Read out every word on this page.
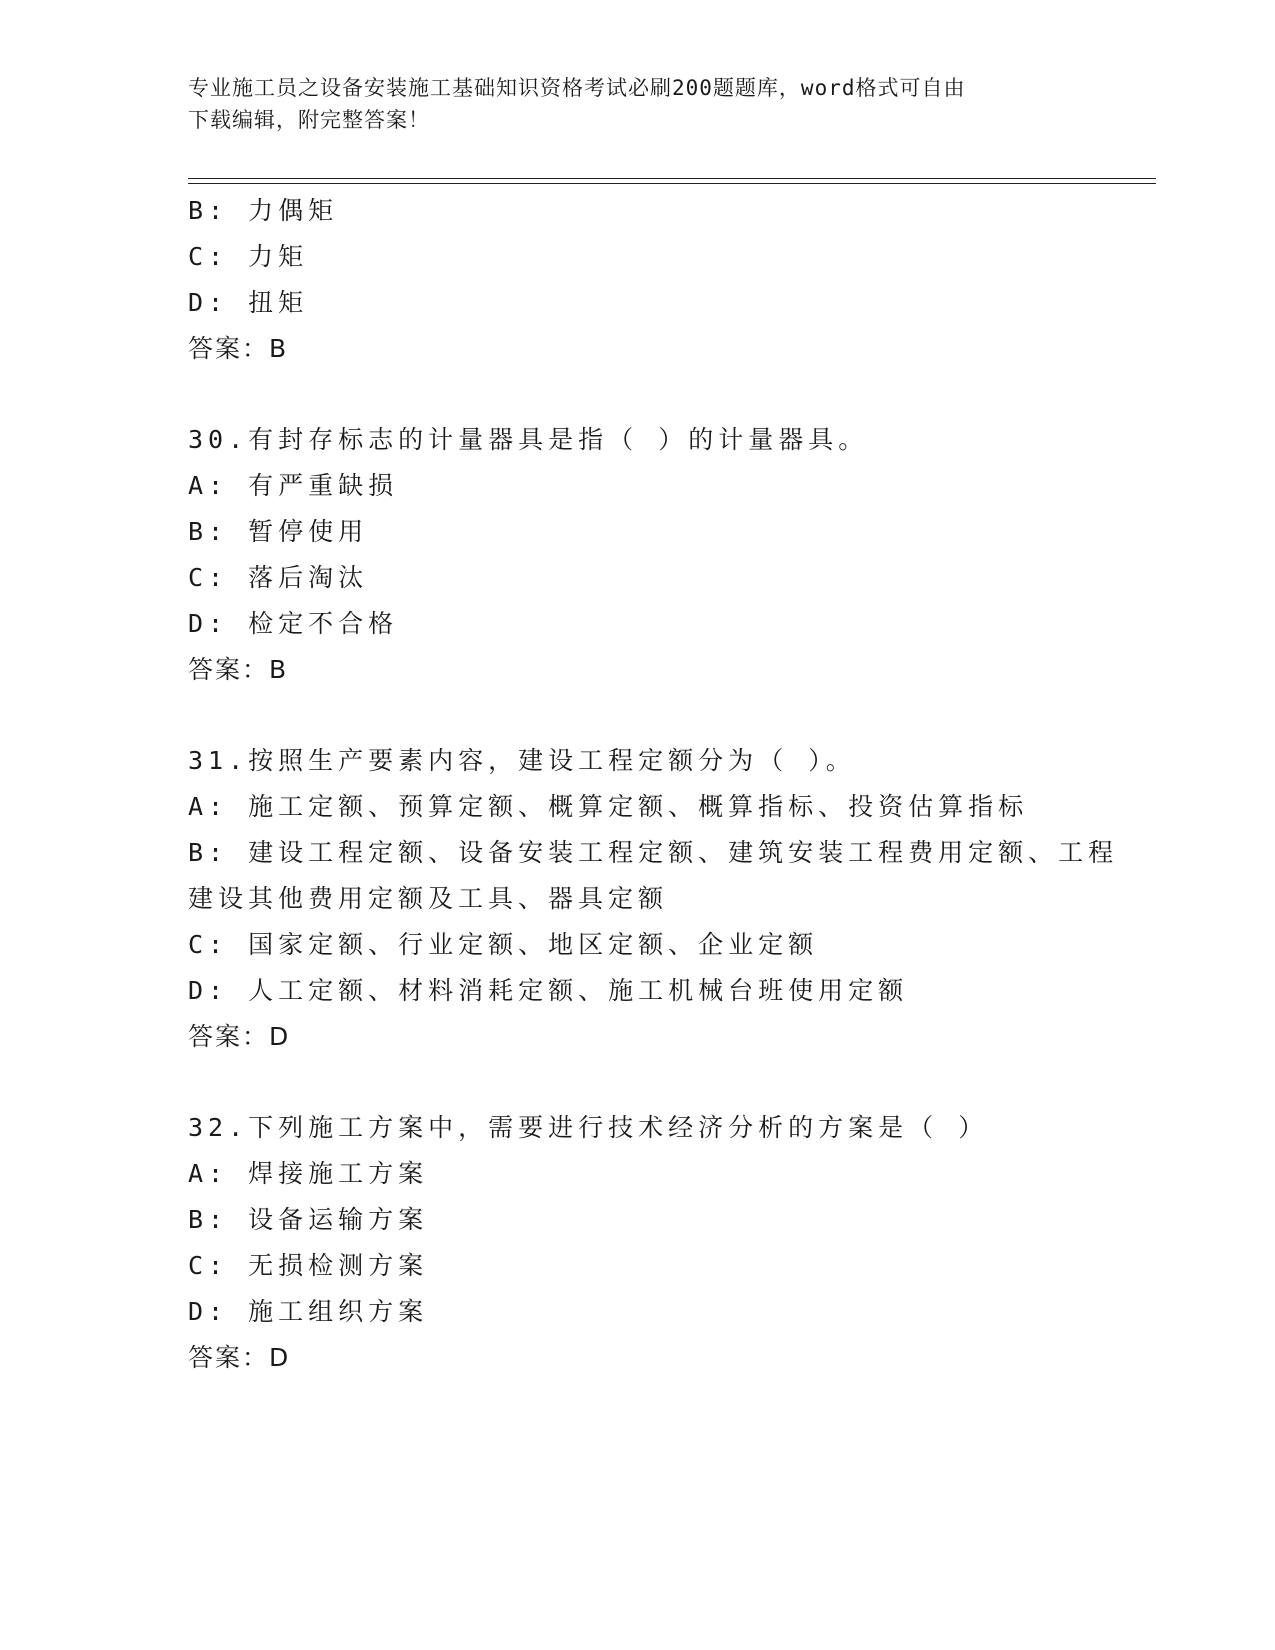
专业施工员之设备安装施工基础知识资格考试必刷200题题库，word格式可自由
下载编辑，附完整答案！
B: 力偶矩
C: 力矩
D: 扭矩
答案：B
30.有封存标志的计量器具是指（ ）的计量器具。
A: 有严重缺损
B: 暂停使用
C: 落后淘汰
D: 检定不合格
答案：B
31.按照生产要素内容，建设工程定额分为（ ）。
A: 施工定额、预算定额、概算定额、概算指标、投资估算指标
B: 建设工程定额、设备安装工程定额、建筑安装工程费用定额、工程
建设其他费用定额及工具、器具定额
C: 国家定额、行业定额、地区定额、企业定额
D: 人工定额、材料消耗定额、施工机械台班使用定额
答案：D
32.下列施工方案中，需要进行技术经济分析的方案是（ ）
A: 焊接施工方案
B: 设备运输方案
C: 无损检测方案
D: 施工组织方案
答案：D
